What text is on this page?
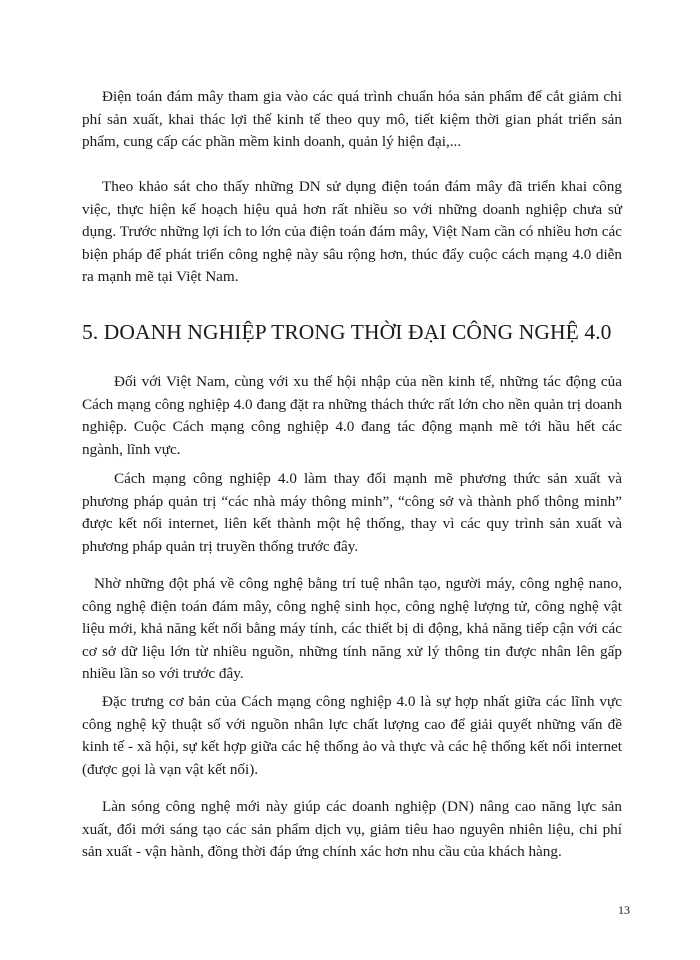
Điện toán đám mây tham gia vào các quá trình chuẩn hóa sản phẩm để cắt giảm chi phí sản xuất, khai thác lợi thế kinh tế theo quy mô, tiết kiệm thời gian phát triển sản phẩm, cung cấp các phần mềm kinh doanh, quản lý hiện đại,...

Theo khảo sát cho thấy những DN sử dụng điện toán đám mây đã triển khai công việc, thực hiện kế hoạch hiệu quả hơn rất nhiều so với những doanh nghiệp chưa sử dụng. Trước những lợi ích to lớn của điện toán đám mây, Việt Nam cần có nhiều hơn các biện pháp để phát triển công nghệ này sâu rộng hơn, thúc đẩy cuộc cách mạng 4.0 diễn ra mạnh mẽ tại Việt Nam.

5. DOANH NGHIỆP TRONG THỜI ĐẠI CÔNG NGHỆ 4.0

Đối với Việt Nam, cùng với xu thế hội nhập của nền kinh tế, những tác động của Cách mạng công nghiệp 4.0 đang đặt ra những thách thức rất lớn cho nền quản trị doanh nghiệp. Cuộc Cách mạng công nghiệp 4.0 đang tác động mạnh mẽ tới hầu hết các ngành, lĩnh vực.

Cách mạng công nghiệp 4.0 làm thay đổi mạnh mẽ phương thức sản xuất và phương pháp quản trị “các nhà máy thông minh”, “công sở và thành phố thông minh” được kết nối internet, liên kết thành một hệ thống, thay vì các quy trình sản xuất và phương pháp quản trị truyền thống trước đây.

Nhờ những đột phá về công nghệ bằng trí tuệ nhân tạo, người máy, công nghệ nano, công nghệ điện toán đám mây, công nghệ sinh học, công nghệ lượng tử, công nghệ vật liệu mới, khả năng kết nối bằng máy tính, các thiết bị di động, khả năng tiếp cận với các cơ sở dữ liệu lớn từ nhiều nguồn, những tính năng xử lý thông tin được nhân lên gấp nhiều lần so với trước đây.

Đặc trưng cơ bản của Cách mạng công nghiệp 4.0 là sự hợp nhất giữa các lĩnh vực công nghệ kỹ thuật số với nguồn nhân lực chất lượng cao để giải quyết những vấn đề kinh tế - xã hội, sự kết hợp giữa các hệ thống ảo và thực và các hệ thống kết nối internet (được gọi là vạn vật kết nối).

Làn sóng công nghệ mới này giúp các doanh nghiệp (DN) nâng cao năng lực sản xuất, đổi mới sáng tạo các sản phẩm dịch vụ, giảm tiêu hao nguyên nhiên liệu, chi phí sản xuất - vận hành, đồng thời đáp ứng chính xác hơn nhu cầu của khách hàng.

13
